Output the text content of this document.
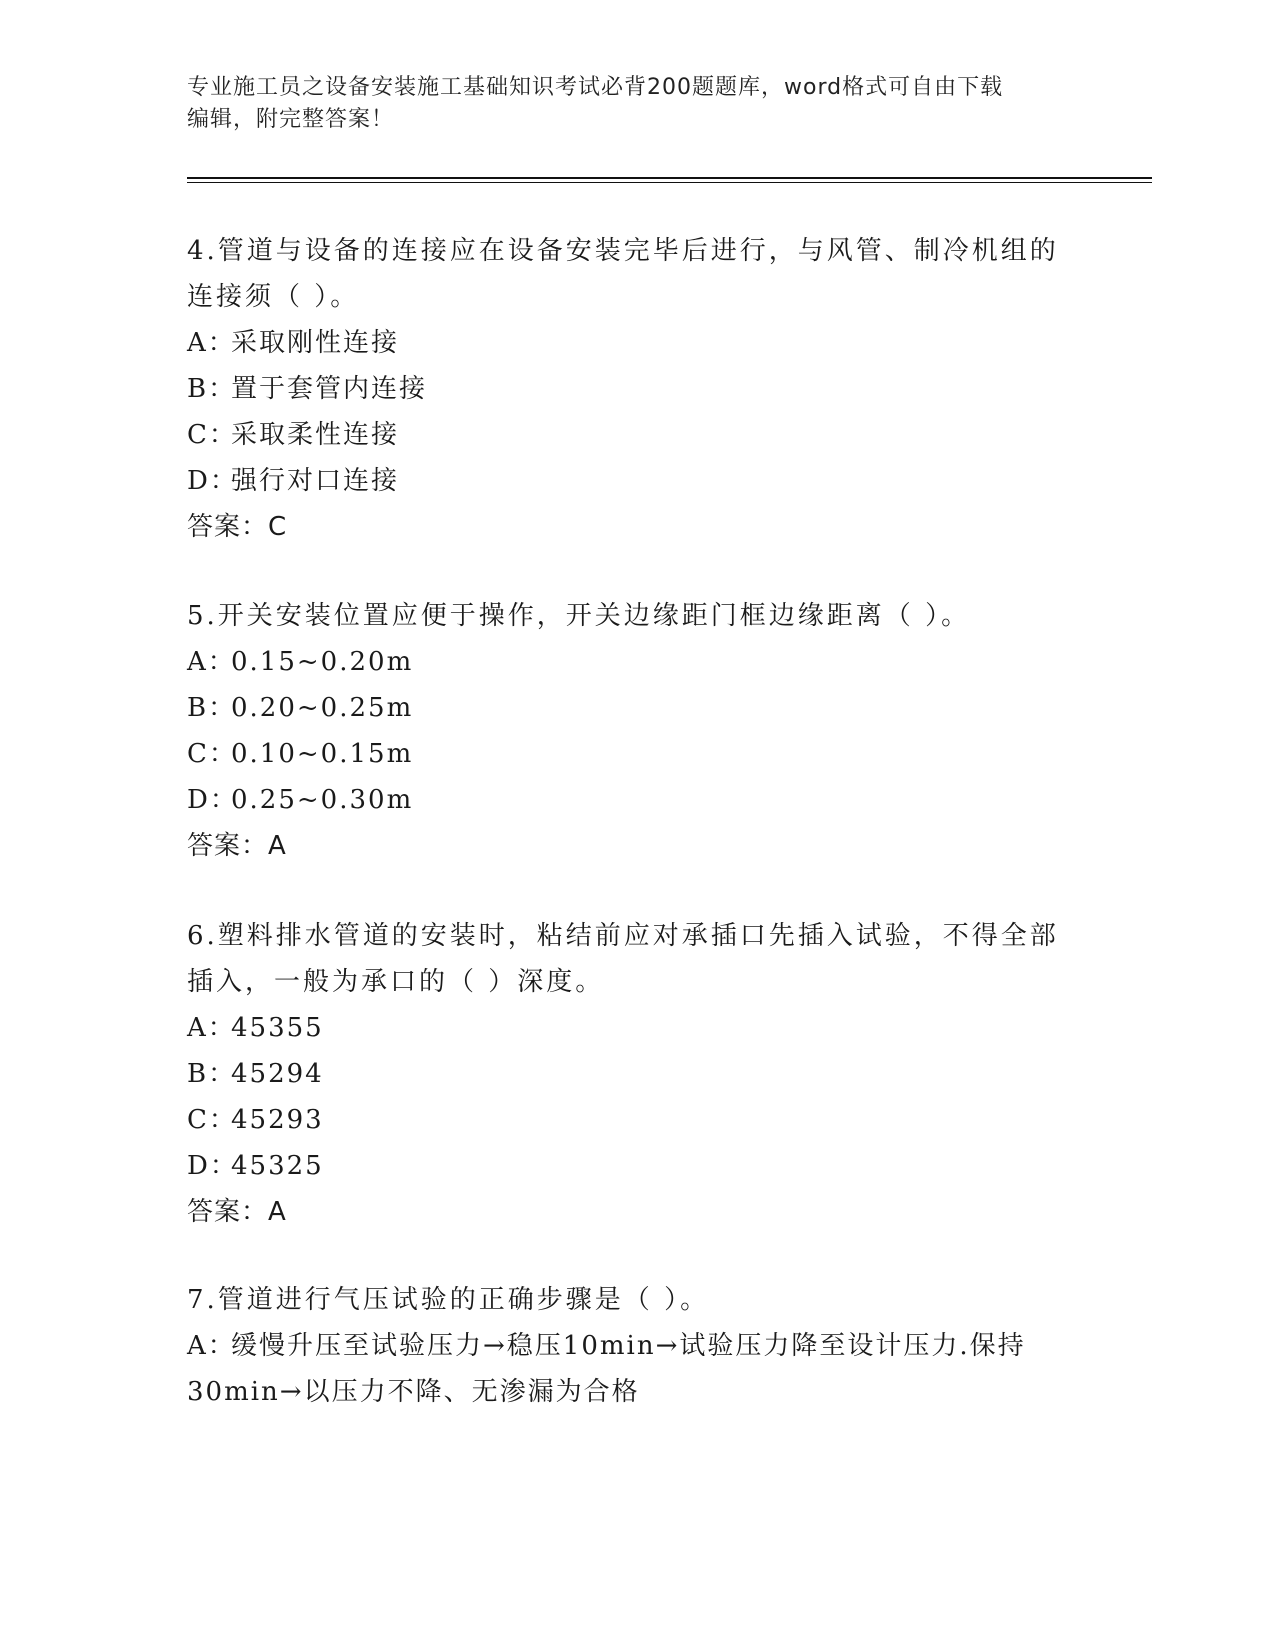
专业施工员之设备安装施工基础知识考试必背200题题库，word格式可自由下载
编辑，附完整答案！

4.管道与设备的连接应在设备安装完毕后进行，与风管、制冷机组的

连接须（ ）。

A：采取刚性连接

B：置于套管内连接

C：采取柔性连接

D：强行对口连接

答案：C

5.开关安装位置应便于操作，开关边缘距门框边缘距离（ ）。

A：0.15~0.20m

B：0.20~0.25m

C：0.10~0.15m

D：0.25~0.30m

答案：A

6.塑料排水管道的安装时，粘结前应对承插口先插入试验，不得全部

插入，一般为承口的（ ）深度。

A：45355

B：45294

C：45293

D：45325

答案：A

7.管道进行气压试验的正确步骤是（ ）。

A：缓慢升压至试验压力→稳压10min→试验压力降至设计压力.保持

30min→以压力不降、无渗漏为合格
